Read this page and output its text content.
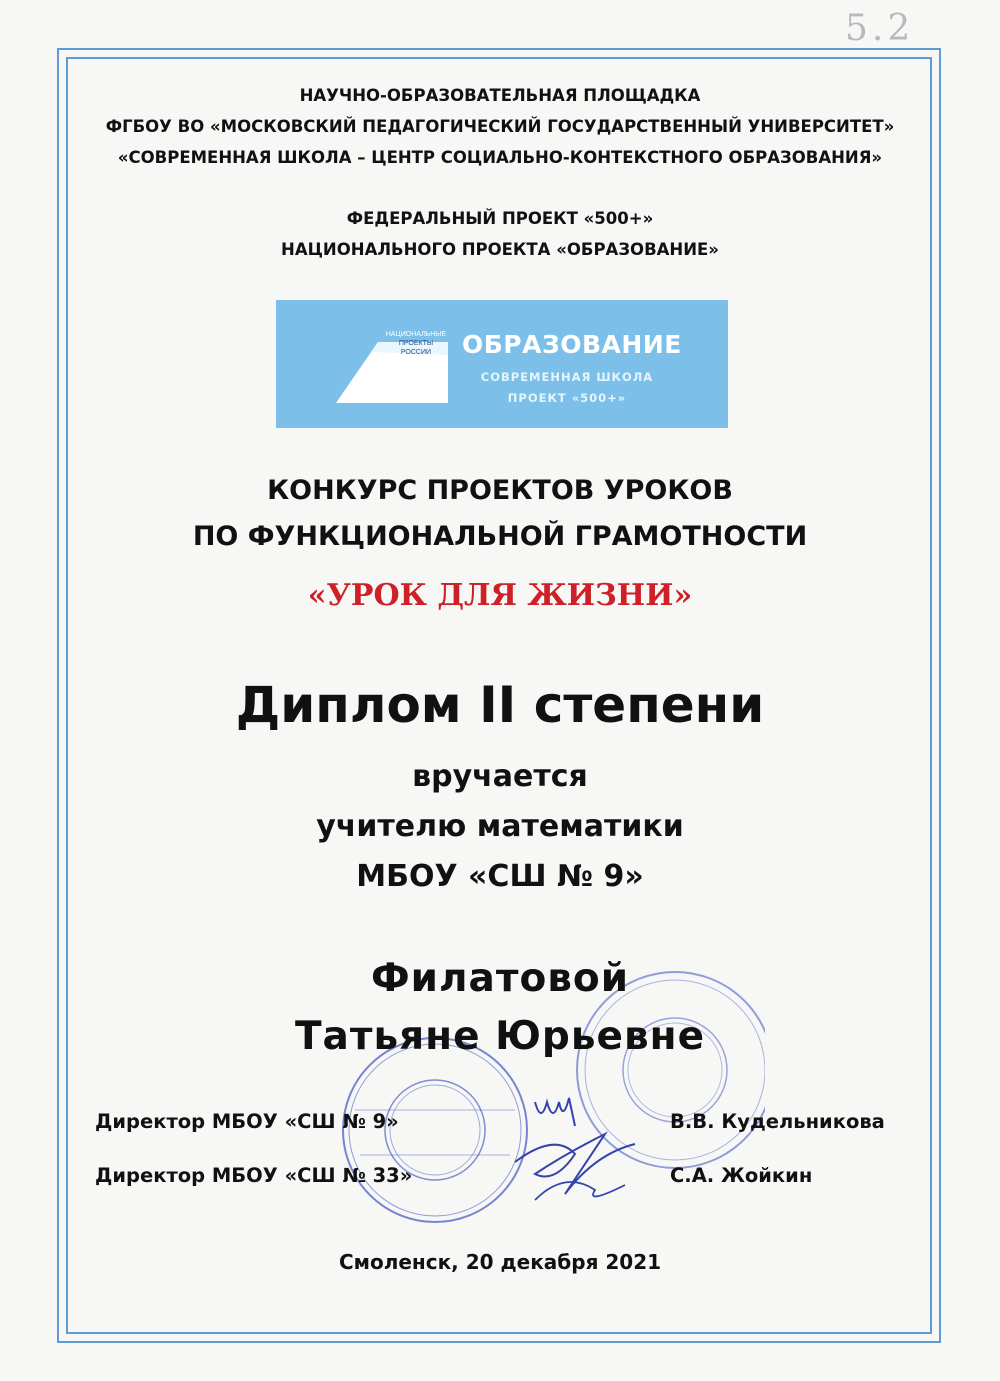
5.2
НАУЧНО-ОБРАЗОВАТЕЛЬНАЯ ПЛОЩАДКА
ФГБОУ ВО «МОСКОВСКИЙ ПЕДАГОГИЧЕСКИЙ ГОСУДАРСТВЕННЫЙ УНИВЕРСИТЕТ»
«СОВРЕМЕННАЯ ШКОЛА – ЦЕНТР СОЦИАЛЬНО-КОНТЕКСТНОГО ОБРАЗОВАНИЯ»
ФЕДЕРАЛЬНЫЙ ПРОЕКТ «500+»
НАЦИОНАЛЬНОГО ПРОЕКТА «ОБРАЗОВАНИЕ»
НАЦИОНАЛЬНЫЕ
ПРОЕКТЫ
РОССИИ ОБРАЗОВАНИЕ
СОВРЕМЕННАЯ ШКОЛА
ПРОЕКТ «500+»
КОНКУРС ПРОЕКТОВ УРОКОВ
ПО ФУНКЦИОНАЛЬНОЙ ГРАМОТНОСТИ
«УРОК ДЛЯ ЖИЗНИ»
Диплом II степени
вручается
учителю математики
МБОУ «СШ № 9»
Филатовой
Татьяне Юрьевне
Директор МБОУ «СШ № 9»	В.В. Кудельникова
Директор МБОУ «СШ № 33»	С.А. Жойкин
Смоленск, 20 декабря 2021
